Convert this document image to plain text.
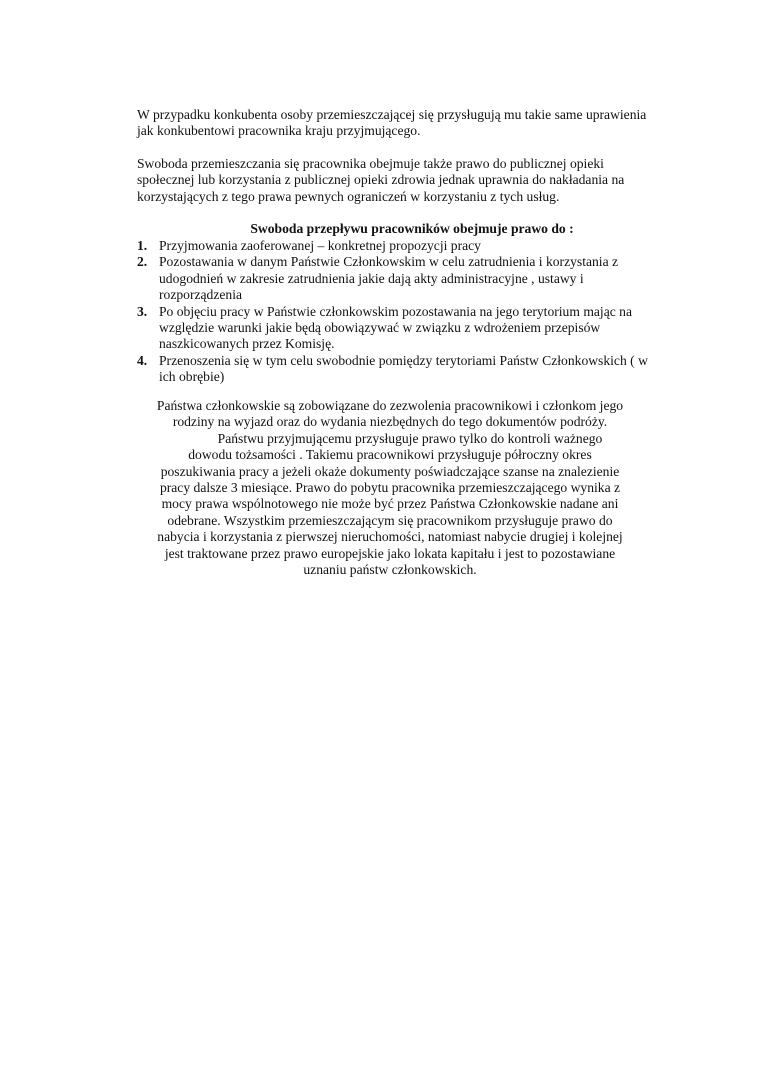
W przypadku konkubenta osoby przemieszczającej się przysługują mu takie same uprawienia
jak konkubentowi pracownika kraju przyjmującego.

Swoboda przemieszczania się pracownika obejmuje także prawo do publicznej opieki
społecznej lub korzystania z publicznej opieki zdrowia jednak uprawnia do nakładania na
korzystających z tego prawa pewnych ograniczeń w korzystaniu z tych usług.

Swoboda przepływu pracowników obejmuje prawo do :
1. Przyjmowania zaoferowanej – konkretnej propozycji pracy
2. Pozostawania w danym Państwie Członkowskim w celu zatrudnienia i korzystania z
udogodnień w zakresie zatrudnienia jakie dają akty administracyjne , ustawy i
rozporządzenia
3. Po objęciu pracy w Państwie członkowskim pozostawania na jego terytorium mając na
względzie warunki jakie będą obowiązywać w związku z wdrożeniem przepisów
naszkicowanych przez Komisję.
4. Przenoszenia się w tym celu swobodnie pomiędzy terytoriami Państw Członkowskich ( w
ich obrębie)

Państwa członkowskie są zobowiązane do zezwolenia pracownikowi i członkom jego
rodziny na wyjazd oraz do wydania niezbędnych do tego dokumentów podróży.
Państwu przyjmującemu przysługuje prawo tylko do kontroli ważnego
dowodu tożsamości . Takiemu pracownikowi przysługuje półroczny okres
poszukiwania pracy a jeżeli okaże dokumenty poświadczające szanse na znalezienie
pracy dalsze 3 miesiące. Prawo do pobytu pracownika przemieszczającego wynika z
mocy prawa wspólnotowego nie może być przez Państwa Członkowskie nadane ani
odebrane. Wszystkim przemieszczającym się pracownikom przysługuje prawo do
nabycia i korzystania z pierwszej nieruchomości, natomiast nabycie drugiej i kolejnej
jest traktowane przez prawo europejskie jako lokata kapitału i jest to pozostawiane
uznaniu państw członkowskich.
